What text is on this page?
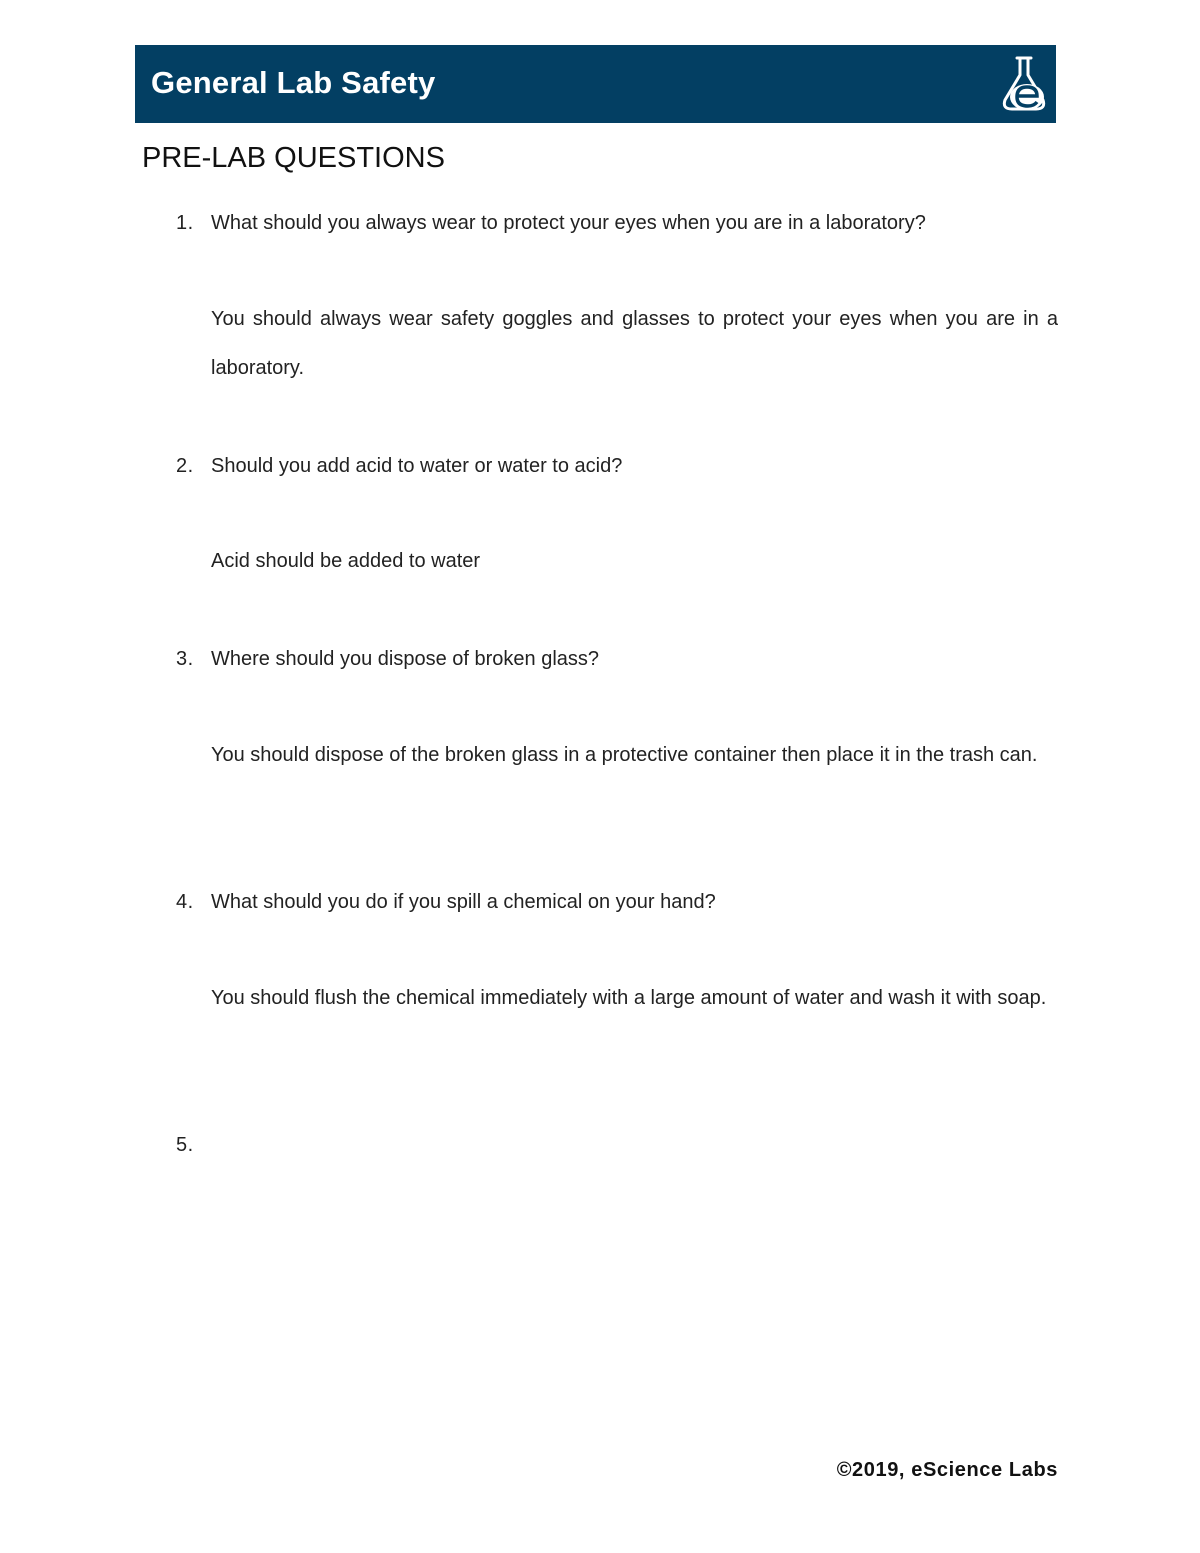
General Lab Safety
PRE-LAB QUESTIONS
1. What should you always wear to protect your eyes when you are in a laboratory?
You should always wear safety goggles and glasses to protect your eyes when you are in a laboratory.
2. Should you add acid to water or water to acid?
Acid should be added to water
3. Where should you dispose of broken glass?
You should dispose of the broken glass in a protective container then place it in the trash can.
4. What should you do if you spill a chemical on your hand?
You should flush the chemical immediately with a large amount of water and wash it with soap.
5.
©2019, eScience Labs
